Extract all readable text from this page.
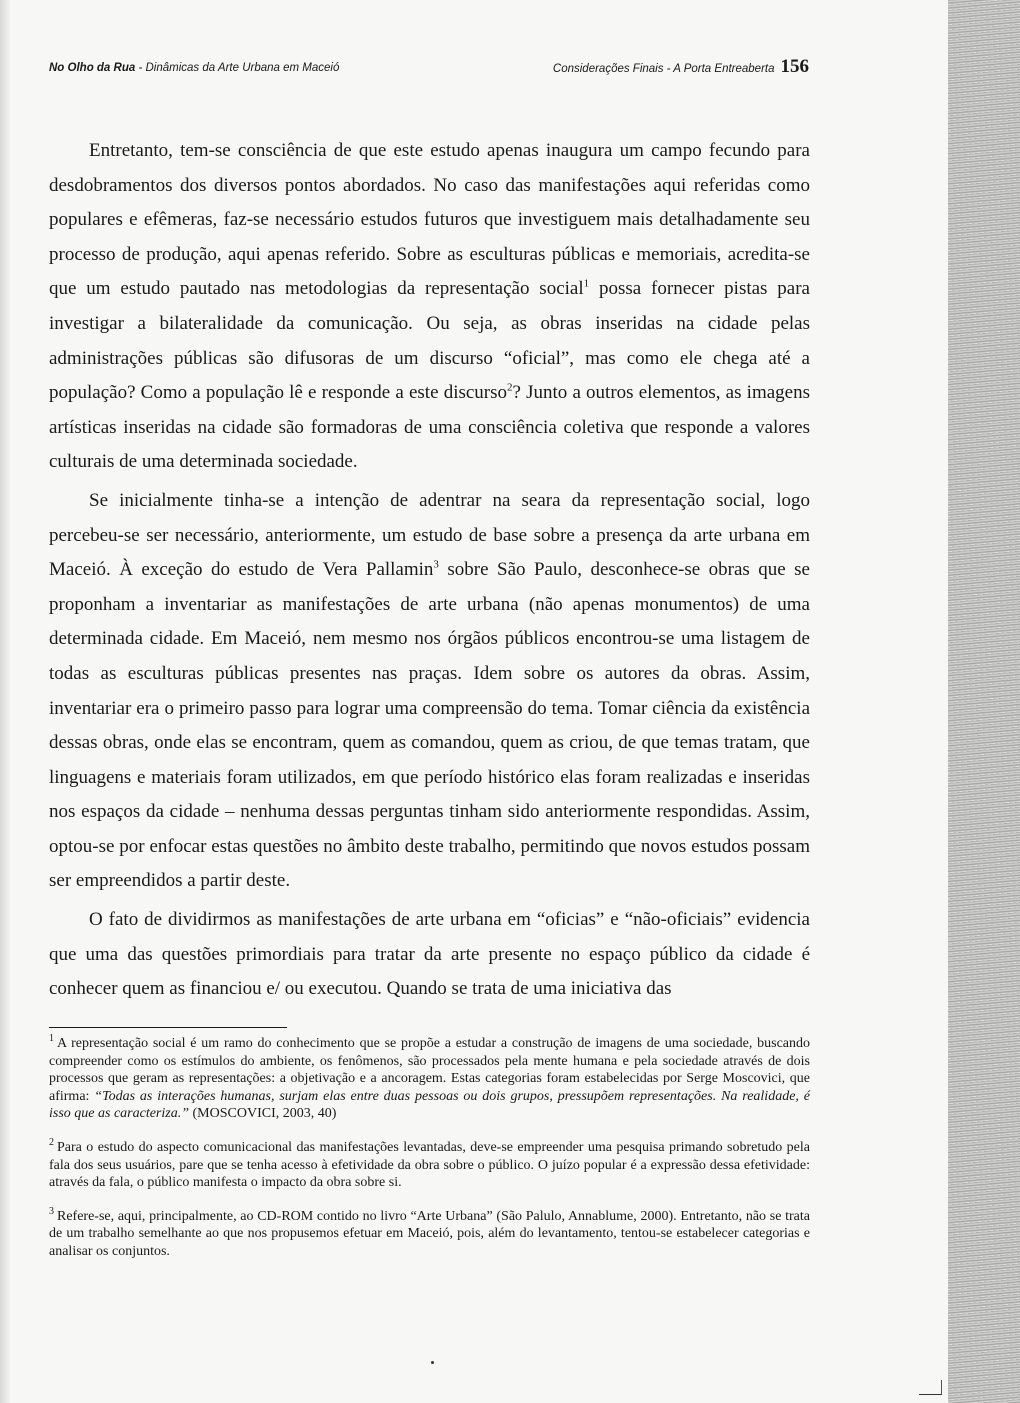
No Olho da Rua - Dinâmicas da Arte Urbana em Maceió	Considerações Finais - A Porta Entreaberta 156

Entretanto, tem-se consciência de que este estudo apenas inaugura um campo fecundo para desdobramentos dos diversos pontos abordados. No caso das manifestações aqui referidas como populares e efêmeras, faz-se necessário estudos futuros que investiguem mais detalhadamente seu processo de produção, aqui apenas referido. Sobre as esculturas públicas e memoriais, acredita-se que um estudo pautado nas metodologias da representação social$^1$ possa fornecer pistas para investigar a bilateralidade da comunicação. Ou seja, as obras inseridas na cidade pelas administrações públicas são difusoras de um discurso “oficial”, mas como ele chega até a população? Como a população lê e responde a este discurso$^2$? Junto a outros elementos, as imagens artísticas inseridas na cidade são formadoras de uma consciência coletiva que responde a valores culturais de uma determinada sociedade.

Se inicialmente tinha-se a intenção de adentrar na seara da representação social, logo percebeu-se ser necessário, anteriormente, um estudo de base sobre a presença da arte urbana em Maceió. À exceção do estudo de Vera Pallamin$^3$ sobre São Paulo, desconhece-se obras que se proponham a inventariar as manifestações de arte urbana (não apenas monumentos) de uma determinada cidade. Em Maceió, nem mesmo nos órgãos públicos encontrou-se uma listagem de todas as esculturas públicas presentes nas praças. Idem sobre os autores da obras. Assim, inventariar era o primeiro passo para lograr uma compreensão do tema. Tomar ciência da existência dessas obras, onde elas se encontram, quem as comandou, quem as criou, de que temas tratam, que linguagens e materiais foram utilizados, em que período histórico elas foram realizadas e inseridas nos espaços da cidade – nenhuma dessas perguntas tinham sido anteriormente respondidas. Assim, optou-se por enfocar estas questões no âmbito deste trabalho, permitindo que novos estudos possam ser empreendidos a partir deste.

O fato de dividirmos as manifestações de arte urbana em “oficias” e “não-oficiais” evidencia que uma das questões primordiais para tratar da arte presente no espaço público da cidade é conhecer quem as financiou e/ ou executou. Quando se trata de uma iniciativa das

$^1$ A representação social é um ramo do conhecimento que se propõe a estudar a construção de imagens de uma sociedade, buscando compreender como os estímulos do ambiente, os fenômenos, são processados pela mente humana e pela sociedade através de dois processos que geram as representações: a objetivação e a ancoragem. Estas categorias foram estabelecidas por Serge Moscovici, que afirma: “Todas as interações humanas, surjam elas entre duas pessoas ou dois grupos, pressupõem representações. Na realidade, é isso que as caracteriza.” (MOSCOVICI, 2003, 40)

$^2$ Para o estudo do aspecto comunicacional das manifestações levantadas, deve-se empreender uma pesquisa primando sobretudo pela fala dos seus usuários, pare que se tenha acesso à efetividade da obra sobre o público. O juízo popular é a expressão dessa efetividade: através da fala, o público manifesta o impacto da obra sobre si.

$^3$ Refere-se, aqui, principalmente, ao CD-ROM contido no livro “Arte Urbana” (São Palulo, Annablume, 2000). Entretanto, não se trata de um trabalho semelhante ao que nos propusemos efetuar em Maceió, pois, além do levantamento, tentou-se estabelecer categorias e analisar os conjuntos.
